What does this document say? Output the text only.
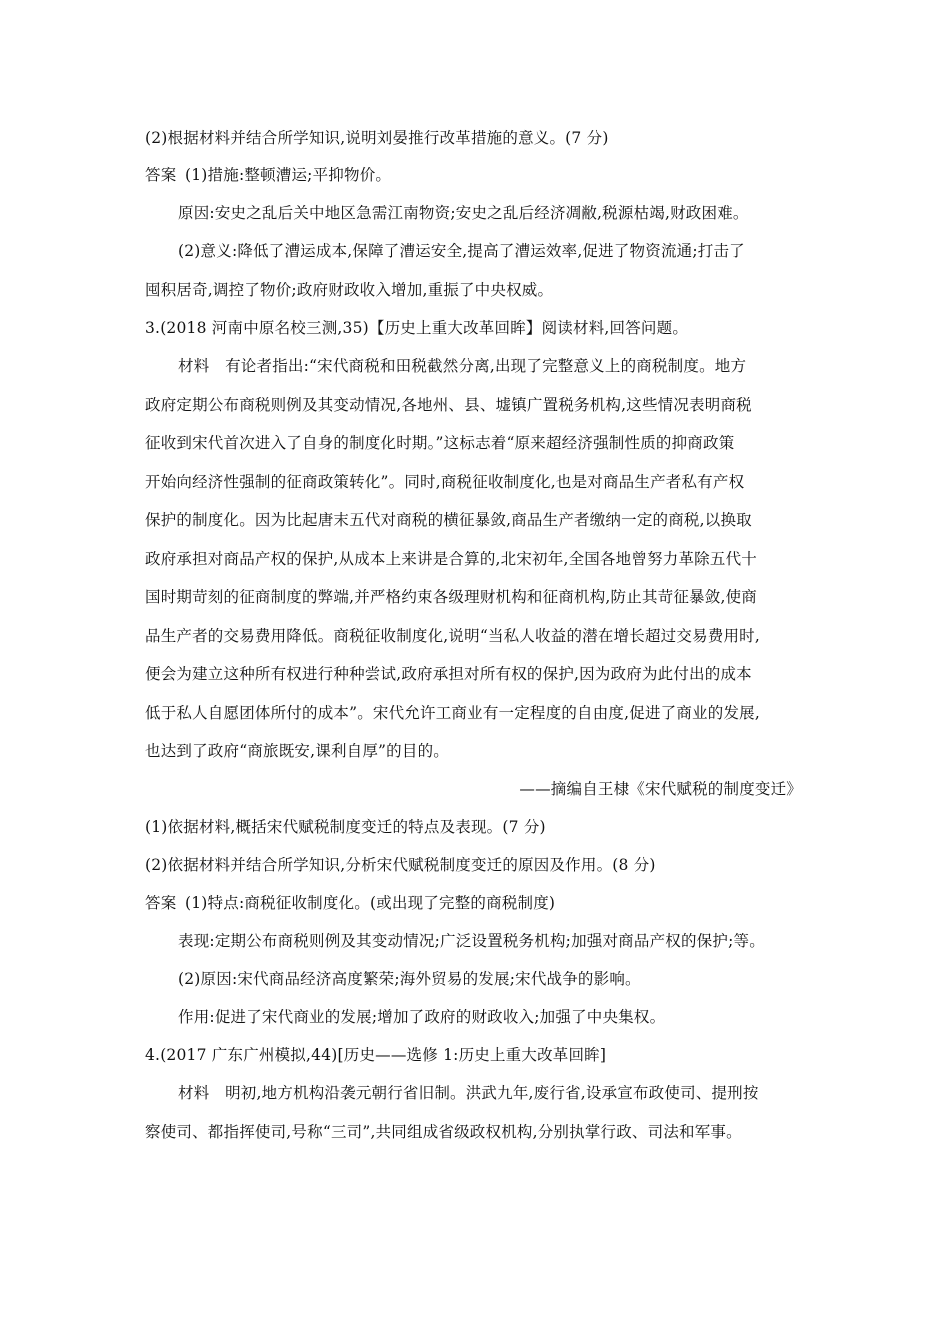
(2)根据材料并结合所学知识,说明刘晏推行改革措施的意义。(7 分)
答案 (1)措施:整顿漕运;平抑物价。
原因:安史之乱后关中地区急需江南物资;安史之乱后经济凋敝,税源枯竭,财政困难。
(2)意义:降低了漕运成本,保障了漕运安全,提高了漕运效率,促进了物资流通;打击了
囤积居奇,调控了物价;政府财政收入增加,重振了中央权威。
3.(2018 河南中原名校三测,35)【历史上重大改革回眸】阅读材料,回答问题。
材料　有论者指出:“宋代商税和田税截然分离,出现了完整意义上的商税制度。地方
政府定期公布商税则例及其变动情况,各地州、县、墟镇广置税务机构,这些情况表明商税
征收到宋代首次进入了自身的制度化时期。”这标志着“原来超经济强制性质的抑商政策
开始向经济性强制的征商政策转化”。同时,商税征收制度化,也是对商品生产者私有产权
保护的制度化。因为比起唐末五代对商税的横征暴敛,商品生产者缴纳一定的商税,以换取
政府承担对商品产权的保护,从成本上来讲是合算的,北宋初年,全国各地曾努力革除五代十
国时期苛刻的征商制度的弊端,并严格约束各级理财机构和征商机构,防止其苛征暴敛,使商
品生产者的交易费用降低。商税征收制度化,说明“当私人收益的潜在增长超过交易费用时,
便会为建立这种所有权进行种种尝试,政府承担对所有权的保护,因为政府为此付出的成本
低于私人自愿团体所付的成本”。宋代允许工商业有一定程度的自由度,促进了商业的发展,
也达到了政府“商旅既安,课利自厚”的目的。
——摘编自王棣《宋代赋税的制度变迁》
(1)依据材料,概括宋代赋税制度变迁的特点及表现。(7 分)
(2)依据材料并结合所学知识,分析宋代赋税制度变迁的原因及作用。(8 分)
答案 (1)特点:商税征收制度化。(或出现了完整的商税制度)
表现:定期公布商税则例及其变动情况;广泛设置税务机构;加强对商品产权的保护;等。
(2)原因:宋代商品经济高度繁荣;海外贸易的发展;宋代战争的影响。
作用:促进了宋代商业的发展;增加了政府的财政收入;加强了中央集权。
4.(2017 广东广州模拟,44)[历史——选修 1:历史上重大改革回眸]
材料　明初,地方机构沿袭元朝行省旧制。洪武九年,废行省,设承宣布政使司、提刑按
察使司、都指挥使司,号称“三司”,共同组成省级政权机构,分别执掌行政、司法和军事。
